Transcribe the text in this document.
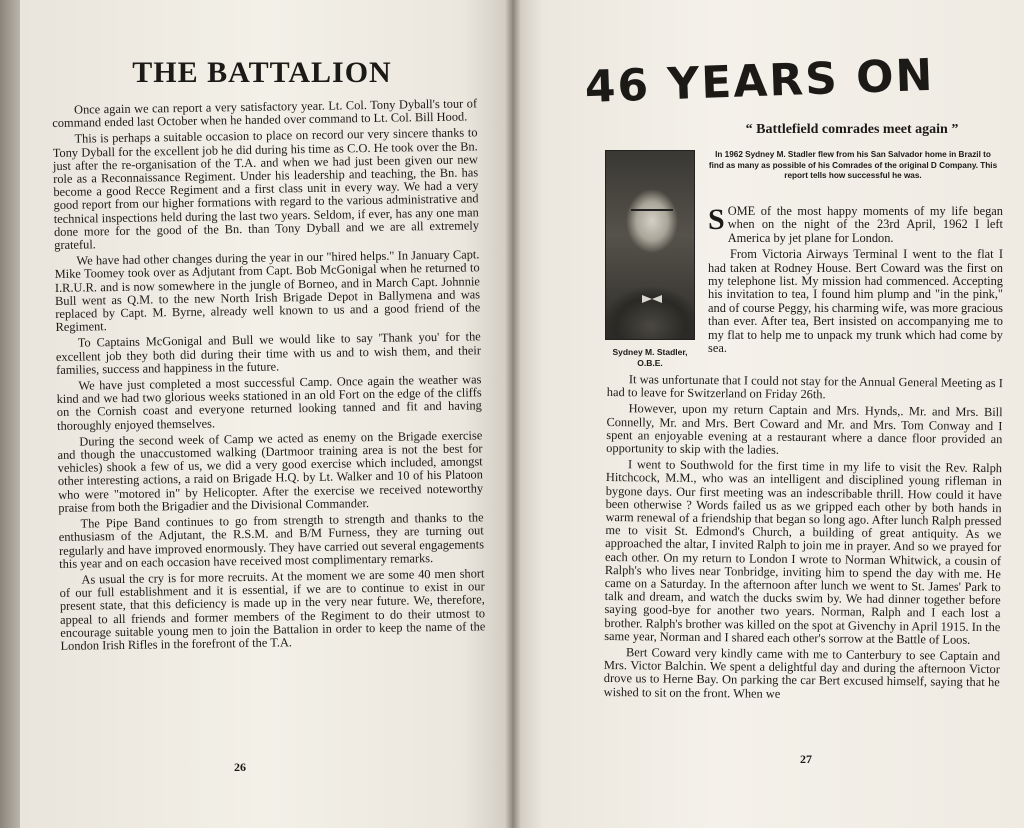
THE BATTALION

Once again we can report a very satisfactory year. Lt. Col. Tony Dyball's tour of command ended last October when he handed over command to Lt. Col. Bill Hood.

This is perhaps a suitable occasion to place on record our very sincere thanks to Tony Dyball for the excellent job he did during his time as C.O. He took over the Bn. just after the re-organisation of the T.A. and when we had just been given our new role as a Reconnaissance Regiment. Under his leadership and teaching, the Bn. has become a good Recce Regiment and a first class unit in every way. We had a very good report from our higher formations with regard to the various administrative and technical inspections held during the last two years. Seldom, if ever, has any one man done more for the good of the Bn. than Tony Dyball and we are all extremely grateful.

We have had other changes during the year in our "hired helps." In January Capt. Mike Toomey took over as Adjutant from Capt. Bob McGonigal when he returned to I.R.U.R. and is now somewhere in the jungle of Borneo, and in March Capt. Johnnie Bull went as Q.M. to the new North Irish Brigade Depot in Ballymena and was replaced by Capt. M. Byrne, already well known to us and a good friend of the Regiment.

To Captains McGonigal and Bull we would like to say 'Thank you' for the excellent job they both did during their time with us and to wish them, and their families, success and happiness in the future.

We have just completed a most successful Camp. Once again the weather was kind and we had two glorious weeks stationed in an old Fort on the edge of the cliffs on the Cornish coast and everyone returned looking tanned and fit and having thoroughly enjoyed themselves.

During the second week of Camp we acted as enemy on the Brigade exercise and though the unaccustomed walking (Dartmoor training area is not the best for vehicles) shook a few of us, we did a very good exercise which included, amongst other interesting actions, a raid on Brigade H.Q. by Lt. Walker and 10 of his Platoon who were "motored in" by Helicopter. After the exercise we received noteworthy praise from both the Brigadier and the Divisional Commander.

The Pipe Band continues to go from strength to strength and thanks to the enthusiasm of the Adjutant, the R.S.M. and B/M Furness, they are turning out regularly and have improved enormously. They have carried out several engagements this year and on each occasion have received most complimentary remarks.

As usual the cry is for more recruits. At the moment we are some 40 men short of our full establishment and it is essential, if we are to continue to exist in our present state, that this deficiency is made up in the very near future. We, therefore, appeal to all friends and former members of the Regiment to do their utmost to encourage suitable young men to join the Battalion in order to keep the name of the London Irish Rifles in the forefront of the T.A.

26
46 YEARS ON
“ Battlefield comrades meet again ”
Sydney M. Stadler,
O.B.E.
In 1962 Sydney M. Stadler flew from his San Salvador home in Brazil to find as many as possible of his Comrades of the original D Company. This report tells how successful he was.

SOME of the most happy moments of my life began when on the night of the 23rd April, 1962 I left America by jet plane for London.

From Victoria Airways Terminal I went to the flat I had taken at Rodney House. Bert Coward was the first on my telephone list. My mission had commenced. Accepting his invitation to tea, I found him plump and "in the pink," and of course Peggy, his charming wife, was more gracious than ever. After tea, Bert insisted on accompanying me to my flat to help me to unpack my trunk which had come by sea.

It was unfortunate that I could not stay for the Annual General Meeting as I had to leave for Switzerland on Friday 26th.

However, upon my return Captain and Mrs. Hynds,. Mr. and Mrs. Bill Connelly, Mr. and Mrs. Bert Coward and Mr. and Mrs. Tom Conway and I spent an enjoyable evening at a restaurant where a dance floor provided an opportunity to skip with the ladies.

I went to Southwold for the first time in my life to visit the Rev. Ralph Hitchcock, M.M., who was an intelligent and disciplined young rifleman in bygone days. Our first meeting was an indescribable thrill. How could it have been otherwise ? Words failed us as we gripped each other by both hands in warm renewal of a friendship that began so long ago. After lunch Ralph pressed me to visit St. Edmond's Church, a building of great antiquity. As we approached the altar, I invited Ralph to join me in prayer. And so we prayed for each other. On my return to London I wrote to Norman Whitwick, a cousin of Ralph's who lives near Tonbridge, inviting him to spend the day with me. He came on a Saturday. In the afternoon after lunch we went to St. James' Park to talk and dream, and watch the ducks swim by. We had dinner together before saying good-bye for another two years. Norman, Ralph and I each lost a brother. Ralph's brother was killed on the spot at Givenchy in April 1915. In the same year, Norman and I shared each other's sorrow at the Battle of Loos.

Bert Coward very kindly came with me to Canterbury to see Captain and Mrs. Victor Balchin. We spent a delightful day and during the afternoon Victor drove us to Herne Bay. On parking the car Bert excused himself, saying that he wished to sit on the front. When we

27
